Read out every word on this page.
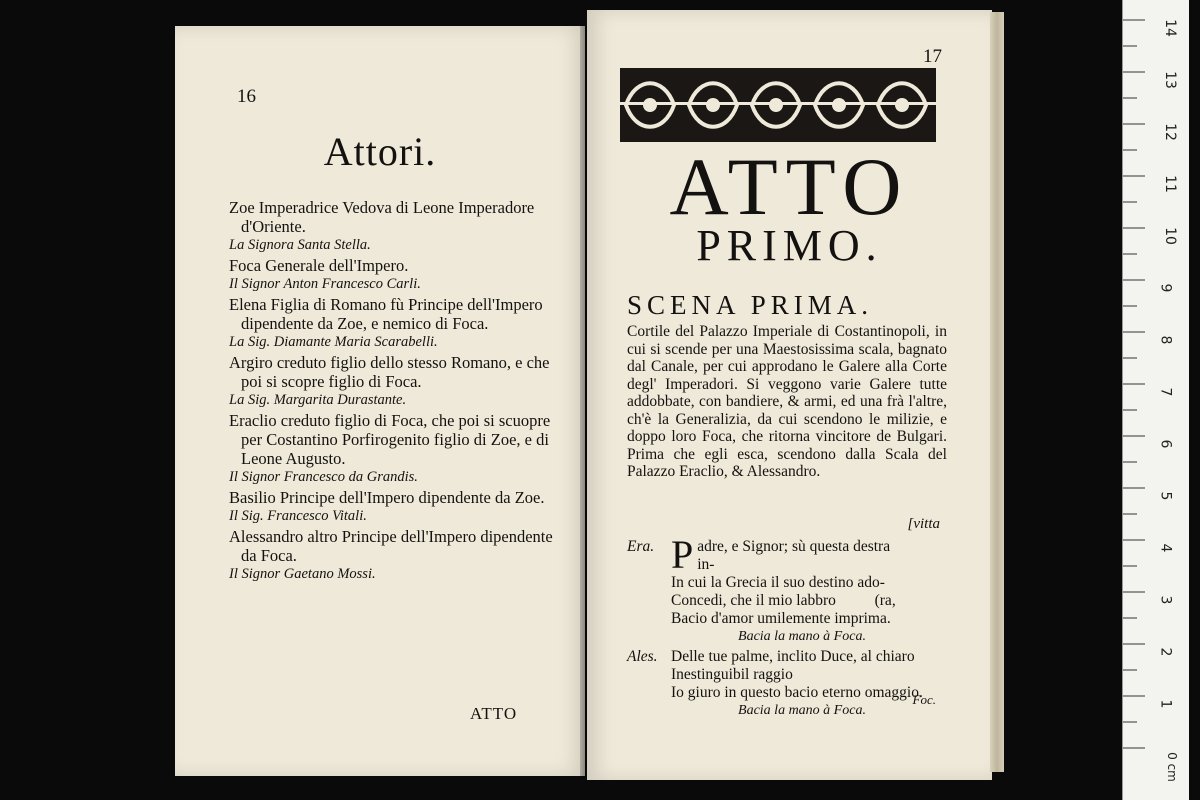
16
Attori.
Zoe Imperadrice Vedova di Leone Imperadore d'Oriente.
La Signora Santa Stella.
Foca Generale dell'Impero.
Il Signor Anton Francesco Carli.
Elena Figlia di Romano fù Principe dell'Impero dipendente da Zoe, e nemico di Foca.
La Sig. Diamante Maria Scarabelli.
Argiro creduto figlio dello stesso Romano, e che poi si scopre figlio di Foca.
La Sig. Margarita Durastante.
Eraclio creduto figlio di Foca, che poi si scuopre per Costantino Porfirogenito figlio di Zoe, e di Leone Augusto.
Il Signor Francesco da Grandis.
Basilio Principe dell'Impero dipendente da Zoe.
Il Sig. Francesco Vitali.
Alessandro altro Principe dell'Impero dipendente da Foca.
Il Signor Gaetano Mossi.
ATTO
17
ATTO
PRIMO.
SCENA PRIMA.
Cortile del Palazzo Imperiale di Costantinopoli, in cui si scende per una Maestosissima scala, bagnato dal Canale, per cui approdano le Galere alla Corte degl' Imperadori. Si veggono varie Galere tutte addobbate, con bandiere, & armi, ed una frà l'altre, ch'è la Generalizia, da cui scendono le milizie, e doppo loro Foca, che ritorna vincitore de Bulgari. Prima che egli esca, scendono dalla Scala del Palazzo Eraclio, & Alessandro.
[vitta
Era. P adre, e Signor; sù questa destra in-
In cui la Grecia il suo destino ado-
Concedi, che il mio labbro          (ra,
Bacio d'amor umilemente imprima.
Bacia la mano à Foca.
Ales. Delle tue palme, inclito Duce, al chiaro
Inestinguibil raggio
Io giuro in questo bacio eterno omaggio.
Bacia la mano à Foca.
Foc.
14
13
12
11
10
9
8
7
6
5
4
3
2
1
0 cm
